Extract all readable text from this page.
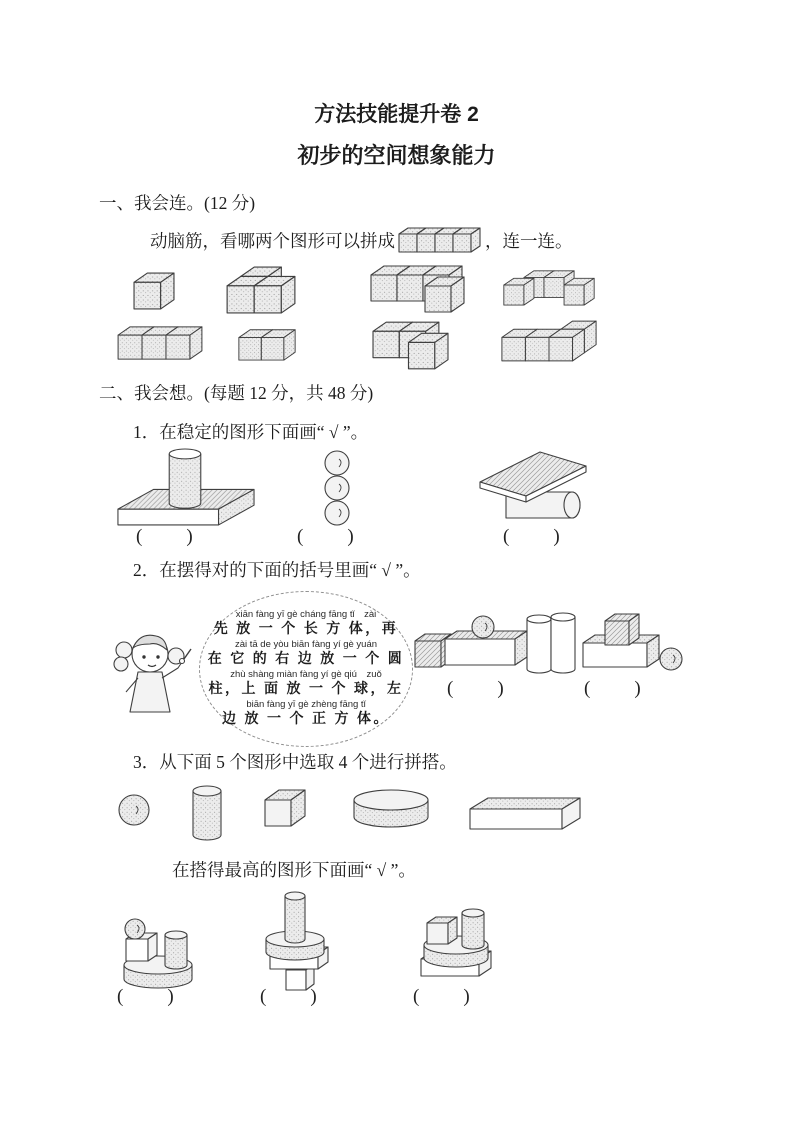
方法技能提升卷 2
初步的空间想象能力
一、我会连。(12 分)
动脑筋，看哪两个图形可以拼成	，连一连。
二、我会想。(每题 12 分，共 48 分)
1．在稳定的图形下面画“ √ ”。
(　　)	(　　)	(　　)
2．在摆得对的下面的括号里画“ √ ”。
xiān fàng yī gè cháng fāng tǐ　zài
先 放 一 个 长 方 体，再
zài tā de yòu biān fàng yí gè yuán
在 它 的 右 边 放 一 个 圆
zhù shàng miàn fàng yí gè qiú　zuǒ
柱，上 面 放 一 个 球，左
biān fàng yī gè zhèng fāng tǐ
边 放 一 个 正 方 体。
(　　)	(　　)
3．从下面 5 个图形中选取 4 个进行拼搭。
在搭得最高的图形下面画“ √ ”。
(　　)	(　　)	(　　)
